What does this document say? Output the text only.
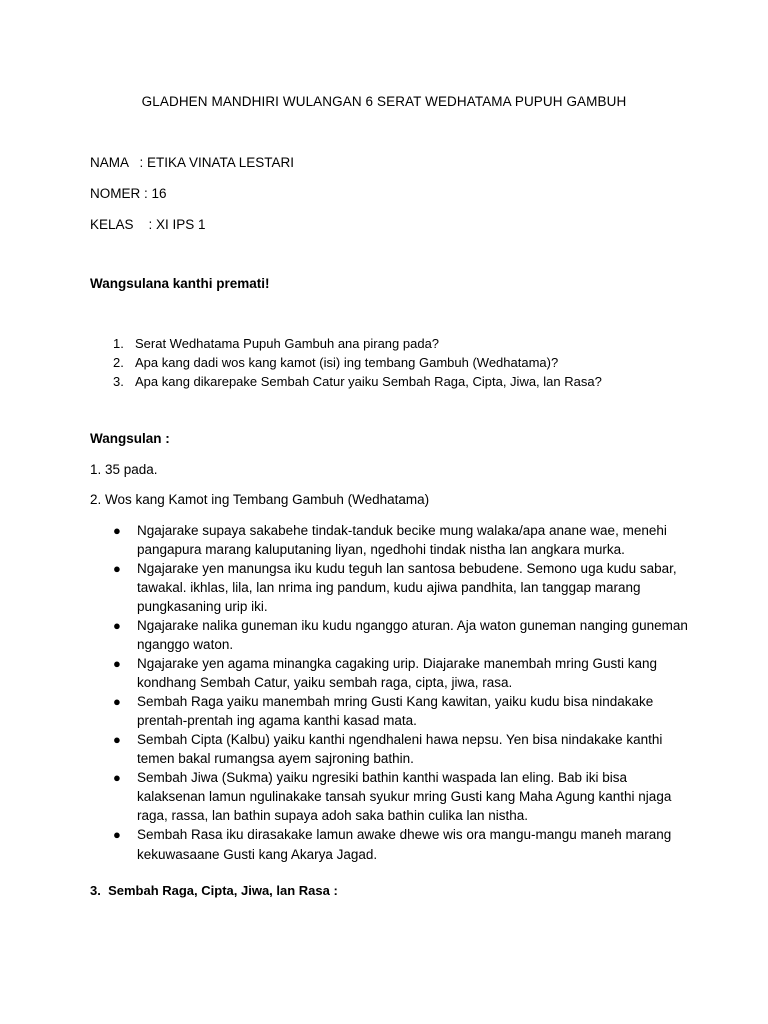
GLADHEN MANDHIRI WULANGAN 6 SERAT WEDHATAMA PUPUH GAMBUH
NAMA   : ETIKA VINATA LESTARI
NOMER : 16
KELAS    : XI IPS 1
Wangsulana kanthi premati!
1. Serat Wedhatama Pupuh Gambuh ana pirang pada?
2. Apa kang dadi wos kang kamot (isi) ing tembang Gambuh (Wedhatama)?
3. Apa kang dikarepake Sembah Catur yaiku Sembah Raga, Cipta, Jiwa, lan Rasa?
Wangsulan :
1. 35 pada.
2. Wos kang Kamot ing Tembang Gambuh (Wedhatama)
● Ngajarake supaya sakabehe tindak-tanduk becike mung walaka/apa anane wae, menehi pangapura marang kaluputaning liyan, ngedhohi tindak nistha lan angkara murka.
● Ngajarake yen manungsa iku kudu teguh lan santosa bebudene. Semono uga kudu sabar, tawakal. ikhlas, lila, lan nrima ing pandum, kudu ajiwa pandhita, lan tanggap marang pungkasaning urip iki.
● Ngajarake nalika guneman iku kudu nganggo aturan. Aja waton guneman nanging guneman nganggo waton.
● Ngajarake yen agama minangka cagaking urip. Diajarake manembah mring Gusti kang kondhang Sembah Catur, yaiku sembah raga, cipta, jiwa, rasa.
● Sembah Raga yaiku manembah mring Gusti Kang kawitan, yaiku kudu bisa nindakake prentah-prentah ing agama kanthi kasad mata.
● Sembah Cipta (Kalbu) yaiku kanthi ngendhaleni hawa nepsu. Yen bisa nindakake kanthi temen bakal rumangsa ayem sajroning bathin.
● Sembah Jiwa (Sukma) yaiku ngresiki bathin kanthi waspada lan eling. Bab iki bisa kalaksenan lamun ngulinakake tansah syukur mring Gusti kang Maha Agung kanthi njaga raga, rassa, lan bathin supaya adoh saka bathin culika lan nistha.
● Sembah Rasa iku dirasakake lamun awake dhewe wis ora mangu-mangu maneh marang kekuwasaane Gusti kang Akarya Jagad.
3.  Sembah Raga, Cipta, Jiwa, lan Rasa :
